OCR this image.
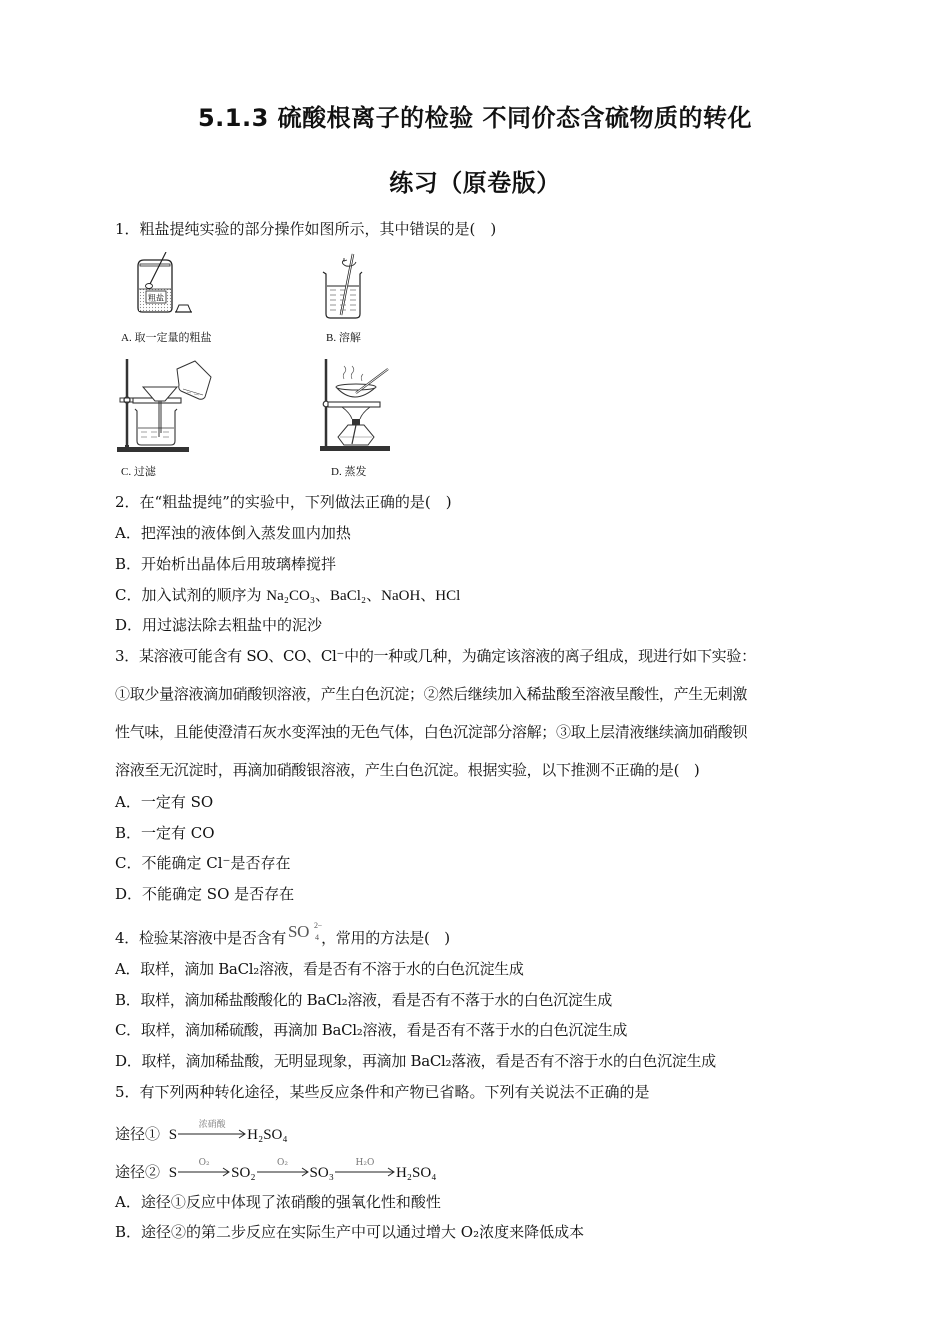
5.1.3 硫酸根离子的检验 不同价态含硫物质的转化
练习（原卷版）
1．粗盐提纯实验的部分操作如图所示，其中错误的是(　)
粗盐
A. 取一定量的粗盐	B. 溶解
C. 过滤	D. 蒸发
2．在“粗盐提纯”的实验中，下列做法正确的是(　)
A．把浑浊的液体倒入蒸发皿内加热
B．开始析出晶体后用玻璃棒搅拌
C．加入试剂的顺序为 Na₂CO₃、BaCl₂、NaOH、HCl
D．用过滤法除去粗盐中的泥沙
3．某溶液可能含有 SO、CO、Cl⁻中的一种或几种，为确定该溶液的离子组成，现进行如下实验：
①取少量溶液滴加硝酸钡溶液，产生白色沉淀；②然后继续加入稀盐酸至溶液呈酸性，产生无刺激
性气味，且能使澄清石灰水变浑浊的无色气体，白色沉淀部分溶解；③取上层清液继续滴加硝酸钡
溶液至无沉淀时，再滴加硝酸银溶液，产生白色沉淀。根据实验，以下推测不正确的是(　)
A．一定有 SO
B．一定有 CO
C．不能确定 Cl⁻是否存在
D．不能确定 SO 是否存在
4．检验某溶液中是否含有 SO 2−
4 ，常用的方法是(　)
A．取样，滴加 BaCl₂溶液，看是否有不溶于水的白色沉淀生成
B．取样，滴加稀盐酸酸化的 BaCl₂溶液，看是否有不落于水的白色沉淀生成
C．取样，滴加稀硫酸，再滴加 BaCl₂溶液，看是否有不落于水的白色沉淀生成
D．取样，滴加稀盐酸，无明显现象，再滴加 BaCl₂落液，看是否有不溶于水的白色沉淀生成
5．有下列两种转化途径，某些反应条件和产物已省略。下列有关说法不正确的是
途径① S
浓硝酸
H₂SO₄
途径② S
O₂
SO₂
O₂
SO₃
H₂O
H₂SO₄
A．途径①反应中体现了浓硝酸的强氧化性和酸性
B．途径②的第二步反应在实际生产中可以通过增大 O₂浓度来降低成本
